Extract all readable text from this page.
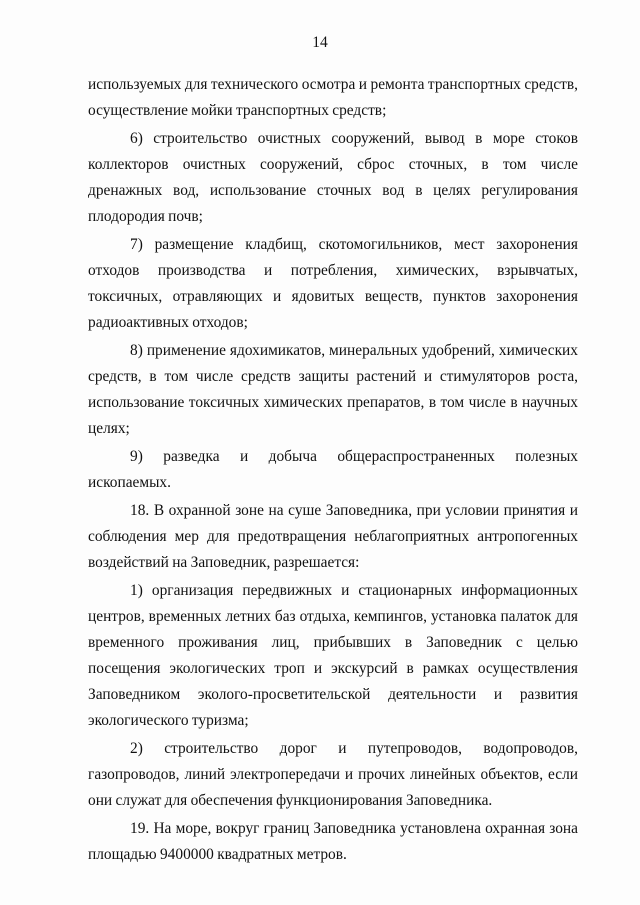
14

используемых для технического осмотра и ремонта транспортных средств, осуществление мойки транспортных средств;

6) строительство очистных сооружений, вывод в море стоков коллекторов очистных сооружений, сброс сточных, в том числе дренажных вод, использование сточных вод в целях регулирования плодородия почв;

7) размещение кладбищ, скотомогильников, мест захоронения отходов производства и потребления, химических, взрывчатых, токсичных, отравляющих и ядовитых веществ, пунктов захоронения радиоактивных отходов;

8) применение ядохимикатов, минеральных удобрений, химических средств, в том числе средств защиты растений и стимуляторов роста, использование токсичных химических препаратов, в том числе в научных целях;

9) разведка и добыча общераспространенных полезных ископаемых.

18. В охранной зоне на суше Заповедника, при условии принятия и соблюдения мер для предотвращения неблагоприятных антропогенных воздействий на Заповедник, разрешается:

1) организация передвижных и стационарных информационных центров, временных летних баз отдыха, кемпингов, установка палаток для временного проживания лиц, прибывших в Заповедник с целью посещения экологических троп и экскурсий в рамках осуществления Заповедником эколого-просветительской деятельности и развития экологического туризма;

2) строительство дорог и путепроводов, водопроводов, газопроводов, линий электропередачи и прочих линейных объектов, если они служат для обеспечения функционирования Заповедника.

19. На море, вокруг границ Заповедника установлена охранная зона площадью 9400000 квадратных метров.
